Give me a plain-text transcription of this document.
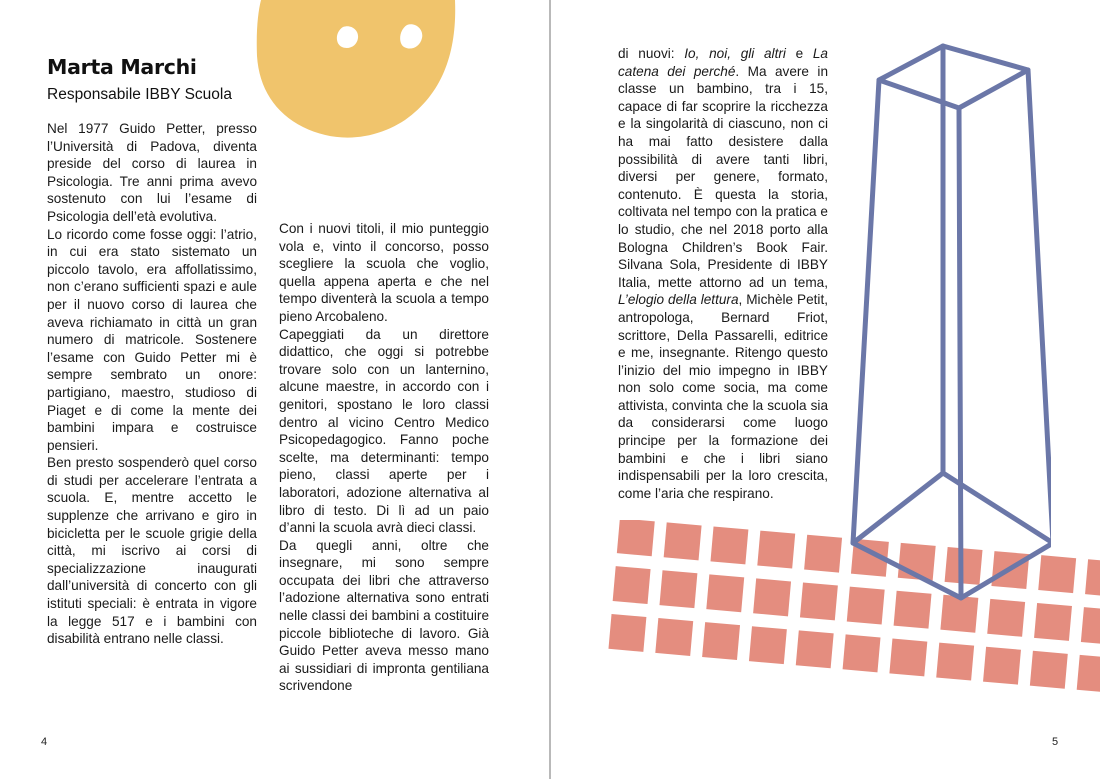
Marta Marchi
Responsabile IBBY Scuola

Nel 1977 Guido Petter, presso l’Università di Padova, diventa preside del corso di laurea in Psicologia. Tre anni prima avevo sostenuto con lui l’esame di Psicologia dell’età evolutiva.

Lo ricordo come fosse oggi: l’atrio, in cui era stato sistemato un piccolo tavolo, era affollatissimo, non c’erano sufficienti spazi e aule per il nuovo corso di laurea che aveva richiamato in città un gran numero di matricole. Sostenere l’esame con Guido Petter mi è sempre sembrato un onore: partigiano, maestro, studioso di Piaget e di come la mente dei bambini impara e costruisce pensieri.

Ben presto sospenderò quel corso di studi per accelerare l’entrata a scuola. E, mentre accetto le supplenze che arrivano e giro in bicicletta per le scuole grigie della città, mi iscrivo ai corsi di specializzazione inaugurati dall’università di concerto con gli istituti speciali: è entrata in vigore la legge 517 e i bambini con disabilità entrano nelle classi.

Con i nuovi titoli, il mio punteggio vola e, vinto il concorso, posso scegliere la scuola che voglio, quella appena aperta e che nel tempo diventerà la scuola a tempo pieno Arcobaleno.

Capeggiati da un direttore didattico, che oggi si potrebbe trovare solo con un lanternino, alcune maestre, in accordo con i genitori, spostano le loro classi dentro al vicino Centro Medico Psicopedagogico. Fanno poche scelte, ma determinanti: tempo pieno, classi aperte per i laboratori, adozione alternativa al libro di testo. Di lì ad un paio d’anni la scuola avrà dieci classi.

Da quegli anni, oltre che insegnare, mi sono sempre occupata dei libri che attraverso l’adozione alternativa sono entrati nelle classi dei bambini a costituire piccole biblioteche di lavoro. Già Guido Petter aveva messo mano ai sussidiari di impronta gentiliana scrivendone

4

di nuovi: Io, noi, gli altri e La catena dei perché. Ma avere in classe un bambino, tra i 15, capace di far scoprire la ricchezza e la singolarità di ciascuno, non ci ha mai fatto desistere dalla possibilità di avere tanti libri, diversi per genere, formato, contenuto. È questa la storia, coltivata nel tempo con la pratica e lo studio, che nel 2018 porto alla Bologna Children’s Book Fair. Silvana Sola, Presidente di IBBY Italia, mette attorno ad un tema, L’elogio della lettura, Michèle Petit, antropologa, Bernard Friot, scrittore, Della Passarelli, editrice e me, insegnante. Ritengo questo l’inizio del mio impegno in IBBY non solo come socia, ma come attivista, convinta che la scuola sia da considerarsi come luogo principe per la formazione dei bambini e che i libri siano indispensabili per la loro crescita, come l’aria che respirano.

5
